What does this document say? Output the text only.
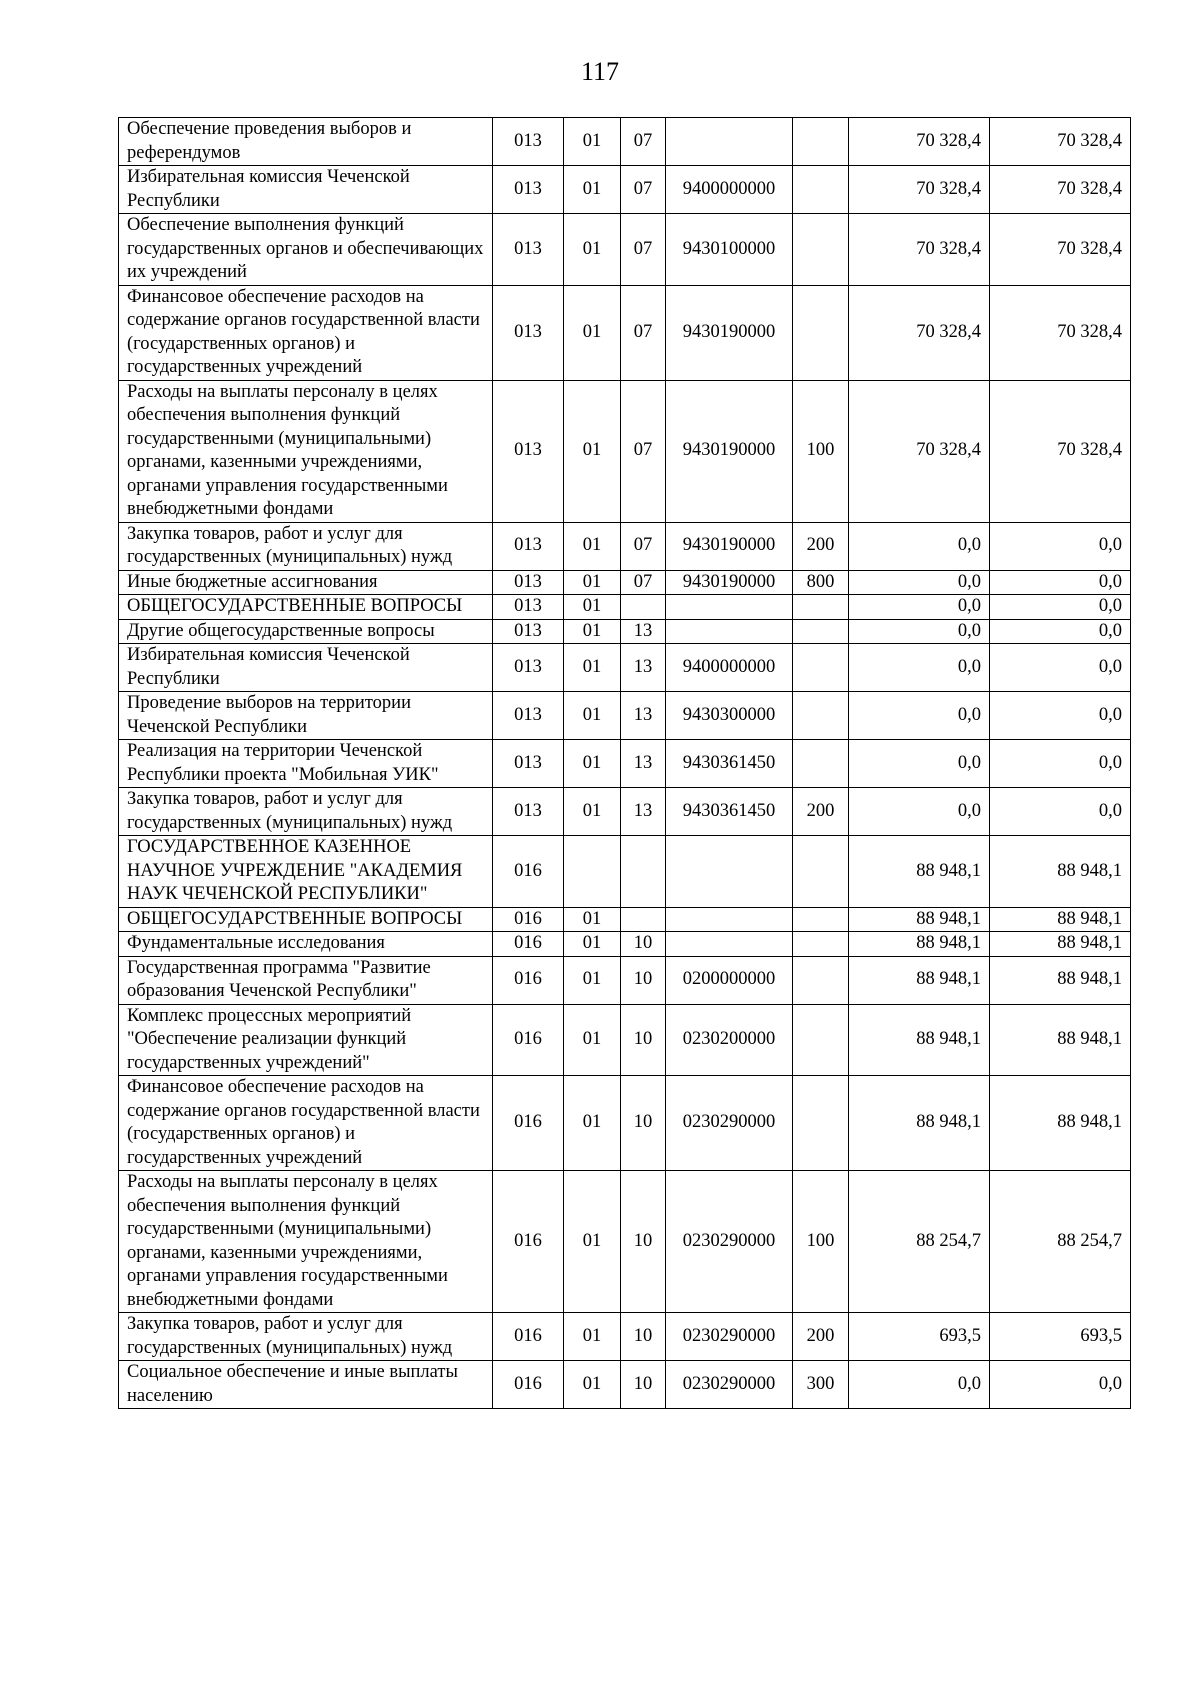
117
Обеспечение проведения выборов и референдумов	013	01	07			70 328,4	70 328,4
Избирательная комиссия Чеченской Республики	013	01	07	9400000000		70 328,4	70 328,4
Обеспечение выполнения функций государственных органов и обеспечивающих их учреждений	013	01	07	9430100000		70 328,4	70 328,4
Финансовое обеспечение расходов на содержание органов государственной власти (государственных органов) и государственных учреждений	013	01	07	9430190000		70 328,4	70 328,4
Расходы на выплаты персоналу в целях обеспечения выполнения функций государственными (муниципальными) органами, казенными учреждениями, органами управления государственными внебюджетными фондами	013	01	07	9430190000	100	70 328,4	70 328,4
Закупка товаров, работ и услуг для государственных (муниципальных) нужд	013	01	07	9430190000	200	0,0	0,0
Иные бюджетные ассигнования	013	01	07	9430190000	800	0,0	0,0
ОБЩЕГОСУДАРСТВЕННЫЕ ВОПРОСЫ	013	01				0,0	0,0
Другие общегосударственные вопросы	013	01	13			0,0	0,0
Избирательная комиссия Чеченской Республики	013	01	13	9400000000		0,0	0,0
Проведение выборов на территории Чеченской Республики	013	01	13	9430300000		0,0	0,0
Реализация на территории Чеченской Республики проекта "Мобильная УИК"	013	01	13	9430361450		0,0	0,0
Закупка товаров, работ и услуг для государственных (муниципальных) нужд	013	01	13	9430361450	200	0,0	0,0
ГОСУДАРСТВЕННОЕ КАЗЕННОЕ НАУЧНОЕ УЧРЕЖДЕНИЕ "АКАДЕМИЯ НАУК ЧЕЧЕНСКОЙ РЕСПУБЛИКИ"	016					88 948,1	88 948,1
ОБЩЕГОСУДАРСТВЕННЫЕ ВОПРОСЫ	016	01				88 948,1	88 948,1
Фундаментальные исследования	016	01	10			88 948,1	88 948,1
Государственная программа "Развитие образования Чеченской Республики"	016	01	10	0200000000		88 948,1	88 948,1
Комплекс процессных мероприятий "Обеспечение реализации функций государственных учреждений"	016	01	10	0230200000		88 948,1	88 948,1
Финансовое обеспечение расходов на содержание органов государственной власти (государственных органов) и государственных учреждений	016	01	10	0230290000		88 948,1	88 948,1
Расходы на выплаты персоналу в целях обеспечения выполнения функций государственными (муниципальными) органами, казенными учреждениями, органами управления государственными внебюджетными фондами	016	01	10	0230290000	100	88 254,7	88 254,7
Закупка товаров, работ и услуг для государственных (муниципальных) нужд	016	01	10	0230290000	200	693,5	693,5
Социальное обеспечение и иные выплаты населению	016	01	10	0230290000	300	0,0	0,0
